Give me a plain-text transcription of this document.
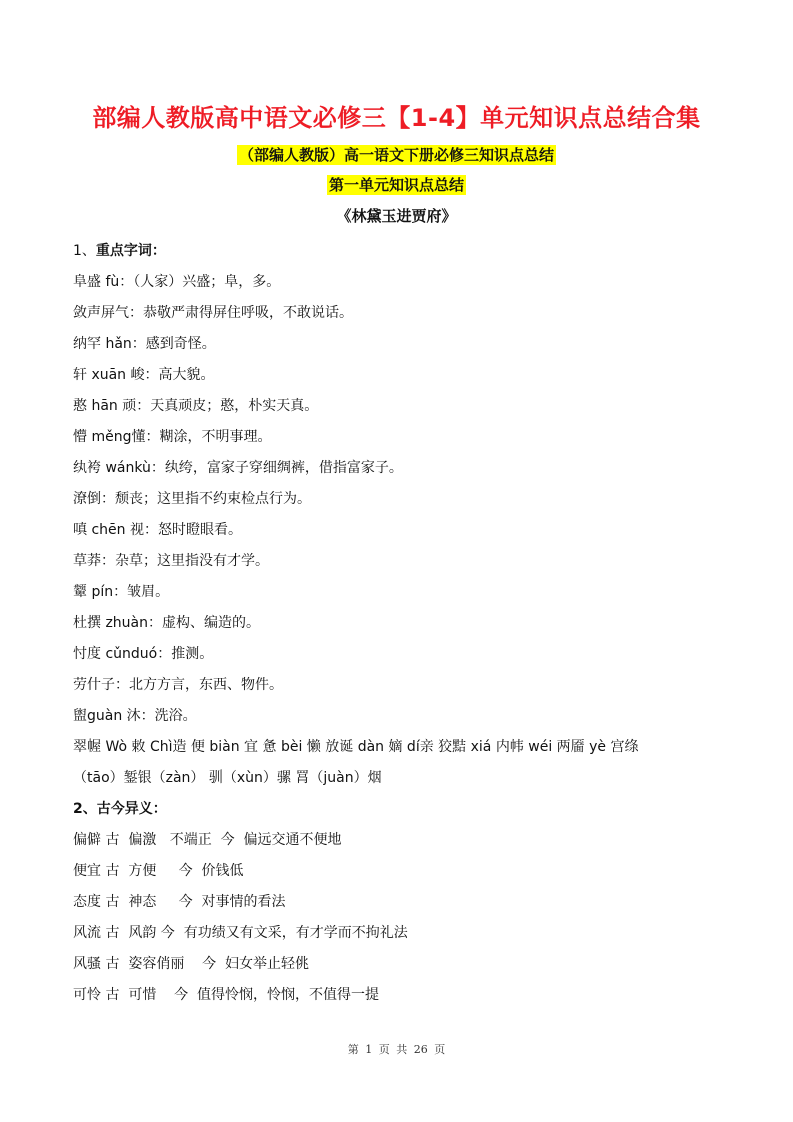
部编人教版高中语文必修三【1-4】单元知识点总结合集
（部编人教版）高一语文下册必修三知识点总结
第一单元知识点总结
《林黛玉进贾府》
1、重点字词：
阜盛 fù：（人家）兴盛；阜，多。
敛声屏气：恭敬严肃得屏住呼吸，不敢说话。
纳罕 hǎn：感到奇怪。
轩 xuān 峻：高大貌。
憨 hān 顽：天真顽皮；憨，朴实天真。
懵 měng懂：糊涂，不明事理。
纨袴 wánkù：纨绔，富家子穿细绸裤，借指富家子。
潦倒：颓丧；这里指不约束检点行为。
嗔 chēn 视：怒时瞪眼看。
草莽：杂草；这里指没有才学。
颦 pín：皱眉。
杜撰 zhuàn：虚构、编造的。
忖度 cǔnduó：推测。
劳什子：北方方言，东西、物件。
盥guàn 沐：洗浴。
翠幄 Wò 敕 Chì造 便 biàn 宜 惫 bèi 懒 放诞 dàn 嫡 dí亲 狡黠 xiá 内帏 wéi 两靥 yè 宫绦
（tāo）錾银（zàn） 驯（xùn）骡 罥（juàn）烟
2、古今异义：
偏僻 古  偏激   不端正  今  偏远交通不便地
便宜 古  方便     今  价钱低
态度 古  神态     今  对事情的看法
风流 古  风韵 今  有功绩又有文采，有才学而不拘礼法
风骚 古  姿容俏丽    今  妇女举止轻佻
可怜 古  可惜    今  值得怜悯，怜悯，不值得一提
第 1 页 共 26 页
